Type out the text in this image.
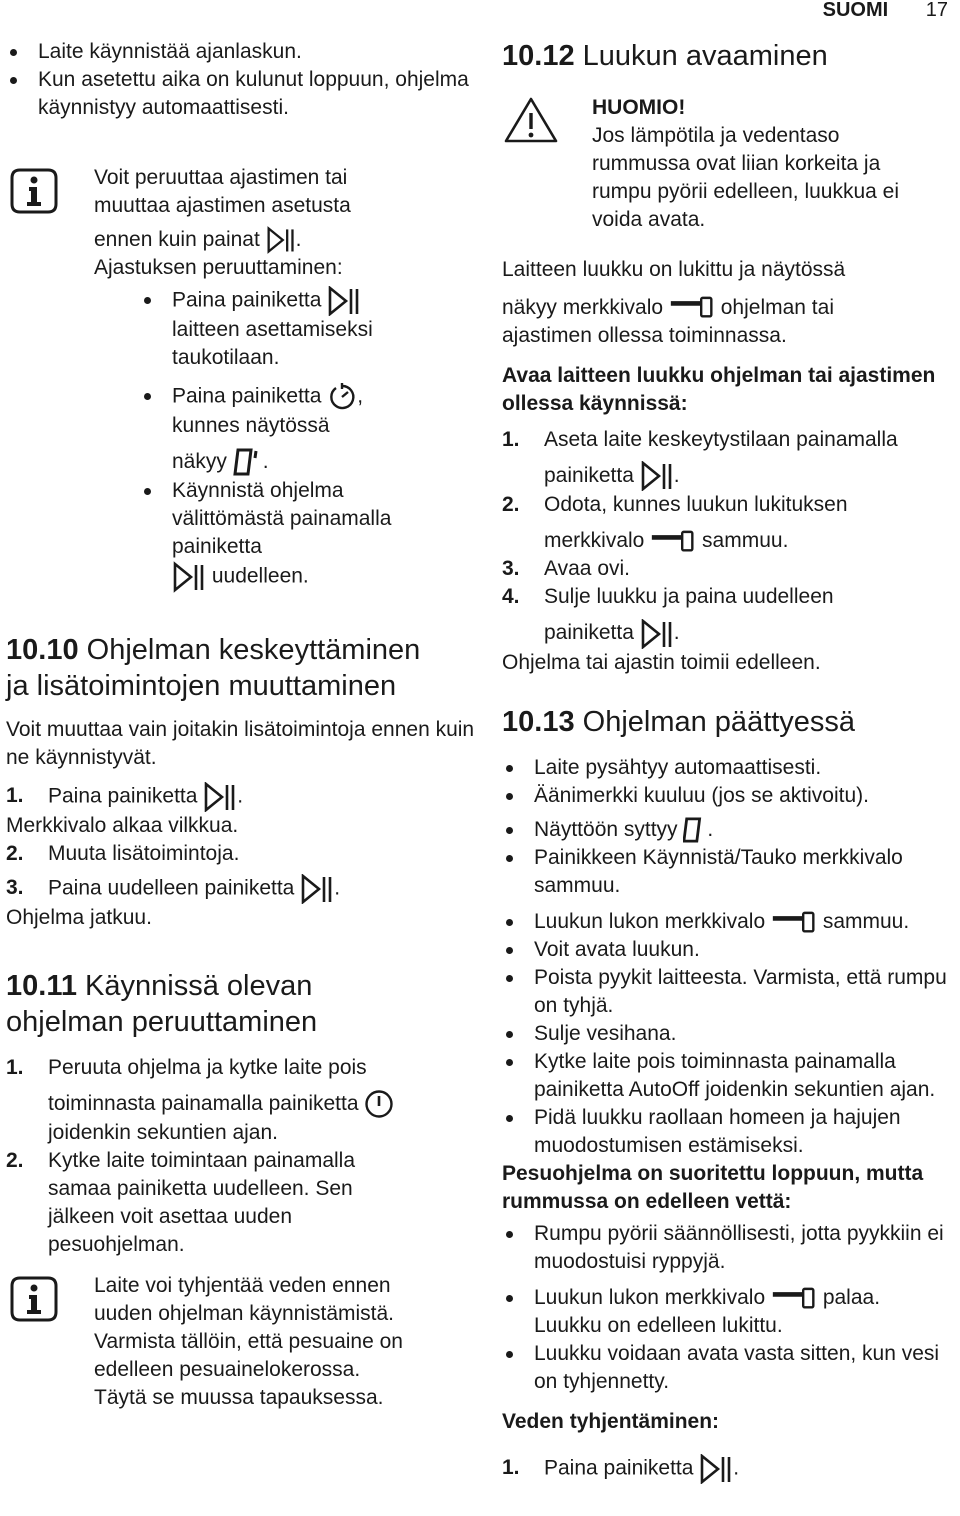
SUOMI 17
Laite käynnistää ajanlaskun.
Kun asetettu aika on kulunut loppuun, ohjelma käynnistyy automaattisesti.

Voit peruuttaa ajastimen tai muuttaa ajastimen asetusta

ennen kuin painat .

Ajastuksen peruuttaminen:

Paina painiketta
laitteen asettamiseksi taukotilaan.
Paina painiketta ,
kunnes näytössä
näkyy .
Käynnistä ohjelma välittömästä painamalla painiketta
uudelleen.
10.10 Ohjelman keskeyttäminen
ja lisätoimintojen muuttaminen

Voit muuttaa vain joitakin lisätoimintoja ennen kuin ne käynnistyvät.

1. Paina painiketta .

Merkkivalo alkaa vilkkua.

2. Muuta lisätoimintoja.
3. Paina uudelleen painiketta .

Ohjelma jatkuu.

10.11 Käynnissä olevan
ohjelman peruuttaminen
1. Peruuta ohjelma ja kytke laite pois
toiminnasta painamalla painiketta
joidenkin sekuntien ajan.
2. Kytke laite toimintaan painamalla samaa painiketta uudelleen. Sen jälkeen voit asettaa uuden pesuohjelman.

Laite voi tyhjentää veden ennen uuden ohjelman käynnistämistä. Varmista tällöin, että pesuaine on edelleen pesuainelokerossa. Täytä se muussa tapauksessa.

10.12 Luukun avaaminen

HUOMIO!

Jos lämpötila ja vedentaso rummussa ovat liian korkeita ja rumpu pyörii edelleen, luukkua ei voida avata.

Laitteen luukku on lukittu ja näytössä

näkyy merkkivalo	ohjelman tai

ajastimen ollessa toiminnassa.

Avaa laitteen luukku ohjelman tai ajastimen ollessa käynnissä:

1. Aseta laite keskeytystilaan painamalla
painiketta .
2. Odota, kunnes luukun lukituksen
merkkivalo	sammuu.
3. Avaa ovi.
4. Sulje luukku ja paina uudelleen
painiketta .

Ohjelma tai ajastin toimii edelleen.

10.13 Ohjelman päättyessä
Laite pysähtyy automaattisesti.
Äänimerkki kuuluu (jos se aktivoitu).
Näyttöön syttyy .
Painikkeen Käynnistä/Tauko merkkivalo sammuu.
Luukun lukon merkkivalo	sammuu.
Voit avata luukun.
Poista pyykit laitteesta. Varmista, että rumpu on tyhjä.
Sulje vesihana.
Kytke laite pois toiminnasta painamalla painiketta AutoOff joidenkin sekuntien ajan.
Pidä luukku raollaan homeen ja hajujen muodostumisen estämiseksi.

Pesuohjelma on suoritettu loppuun, mutta rummussa on edelleen vettä:

Rumpu pyörii säännöllisesti, jotta pyykkiin ei muodostuisi ryppyjä.
Luukun lukon merkkivalo	palaa.
Luukku on edelleen lukittu.
Luukku voidaan avata vasta sitten, kun vesi on tyhjennetty.

Veden tyhjentäminen:

1. Paina painiketta .
